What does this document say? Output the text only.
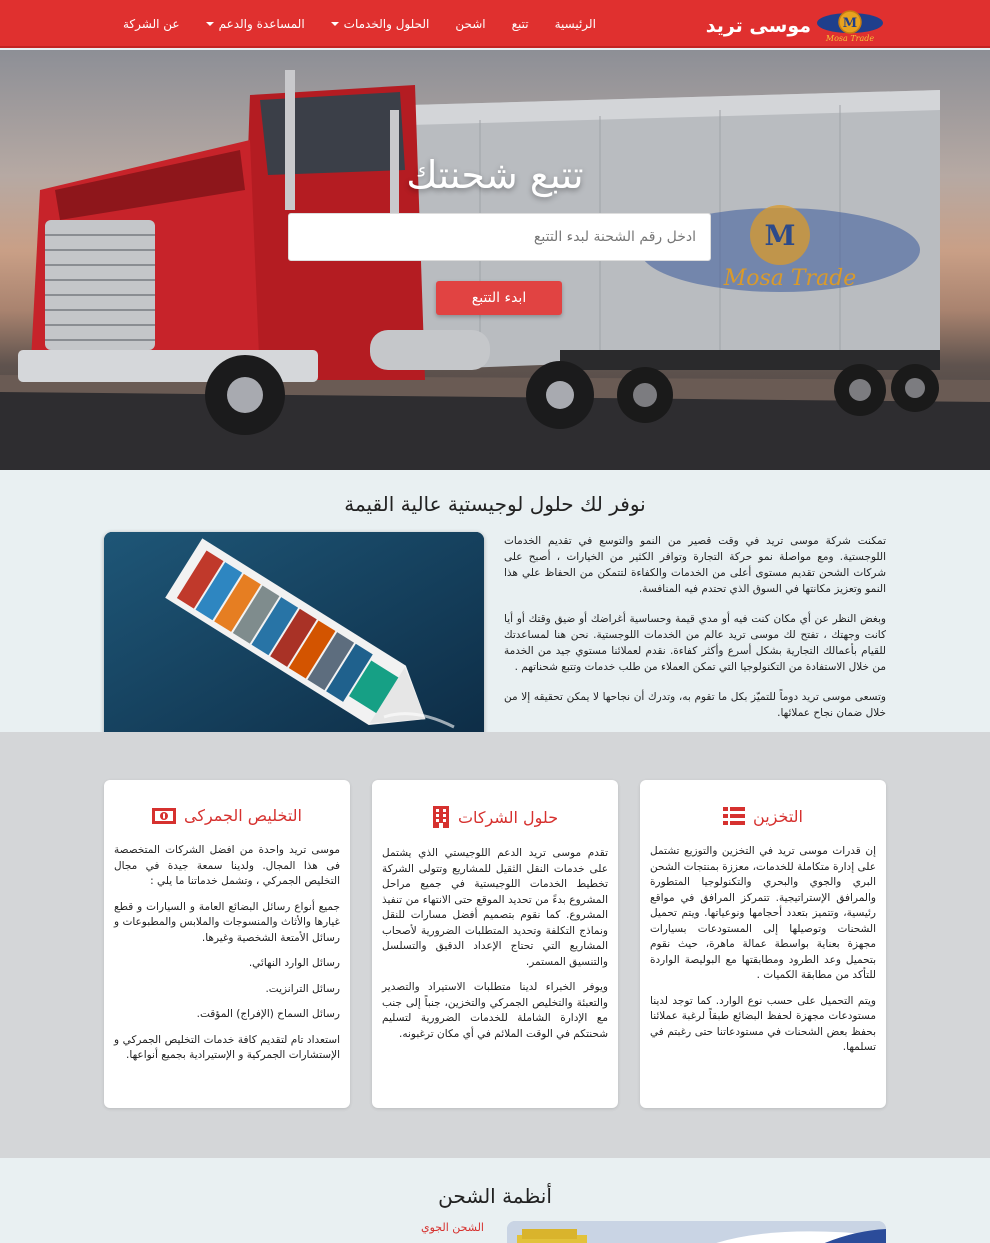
M
Mosa Trade
موسى تريد
الرئيسية
تتبع
اشحن
الحلول والخدمات
المساعدة والدعم
عن الشركة
M
Mosa Trade
تتبع شحنتك
ادخل رقم الشحنة لبدء التتبع
ابدء التتبع
نوفر لك حلول لوجيستية عالية القيمة

تمكنت شركة موسى تريد في وقت قصير من النمو والتوسع في تقديم الخدمات اللوجستية. ومع مواصلة نمو حركة التجارة وتوافر الكثير من الخيارات ، أصبح على شركات الشحن تقديم مستوى أعلى من الخدمات والكفاءة لتتمكن من الحفاظ علي هذا النمو وتعزيز مكانتها في السوق الذي تحتدم فيه المنافسة.

وبغض النظر عن أي مكان كنت فيه أو مدي قيمة وحساسية أغراضك أو ضيق وقتك أو أيا كانت وجهتك ، تفتح لك موسى تريد عالم من الخدمات اللوجستية. نحن هنا لمساعدتك للقيام بأعمالك التجارية بشكل أسرع وأكثر كفاءة. نقدم لعملائنا مستوي جيد من الخدمة من خلال الاستفادة من التكنولوجيا التي تمكن العملاء من طلب خدمات وتتبع شحناتهم .

وتسعى موسى تريد دوماً للتميّز بكل ما تقوم به، وتدرك أن نجاحها لا يمكن تحقيقه إلا من خلال ضمان نجاح عملائها.

التخزين

إن قدرات موسى تريد في التخزين والتوزيع تشتمل على إدارة متكاملة للخدمات، معززة بمنتجات الشحن البري والجوي والبحري والتكنولوجيا المتطورة والمرافق الإستراتيجية. تتمركز المرافق في مواقع رئيسية، وتتميز بتعدد أحجامها ونوعياتها. ويتم تحميل الشحنات وتوصيلها إلى المستودعات بسيارات مجهزة بعناية بواسطة عمالة ماهرة، حيث نقوم بتحميل وعد الطرود ومطابقتها مع البوليصة الواردة للتأكد من مطابقة الكميات .

ويتم التحميل على حسب نوع الوارد. كما توجد لدينا مستودعات مجهزة لحفظ البضائع طبقاً لرغبة عملائنا بحفظ بعض الشحنات في مستودعاتنا حتى رغبتم في تسلمها.

حلول الشركات

تقدم موسى تريد الدعم اللوجيستي الذي يشتمل على خدمات النقل الثقيل للمشاريع وتتولى الشركة تخطيط الخدمات اللوجيستية في جميع مراحل المشروع بدءً من تحديد الموقع حتى الانتهاء من تنفيذ المشروع. كما نقوم بتصميم أفضل مسارات للنقل ونماذج التكلفة وتحديد المتطلبات الضرورية لأصحاب المشاريع التي تحتاج الإعداد الدقيق والتسلسل والتنسيق المستمر.

ويوفر الخبراء لدينا متطلبات الاستيراد والتصدير والتعبئة والتخليص الجمركي والتخزين، جنباً إلى جنب مع الإدارة الشاملة للخدمات الضرورية لتسليم شحنتكم في الوقت الملائم في أي مكان ترغبونه.

التخليص الجمركى

موسى تريد واحدة من افضل الشركات المتخصصة فى هذا المجال. ولدينا سمعة جيدة في مجال التخليص الجمركي ، وتشمل خدماتنا ما يلي :

جميع أنواع رسائل البضائع العامة و السيارات و قطع غيارها والأثاث والمنسوجات والملابس والمطبوعات و رسائل الأمتعة الشخصية وغيرها.

رسائل الوارد النهائي.

رسائل الترانزيت.

رسائل السماح (الإفراج) المؤقت.

استعداد تام لتقديم كافة خدمات التخليص الجمركي و الإستشارات الجمركية و الإستيرادية بجميع أنواعها.

أنظمة الشحن
الشحن الجوي
